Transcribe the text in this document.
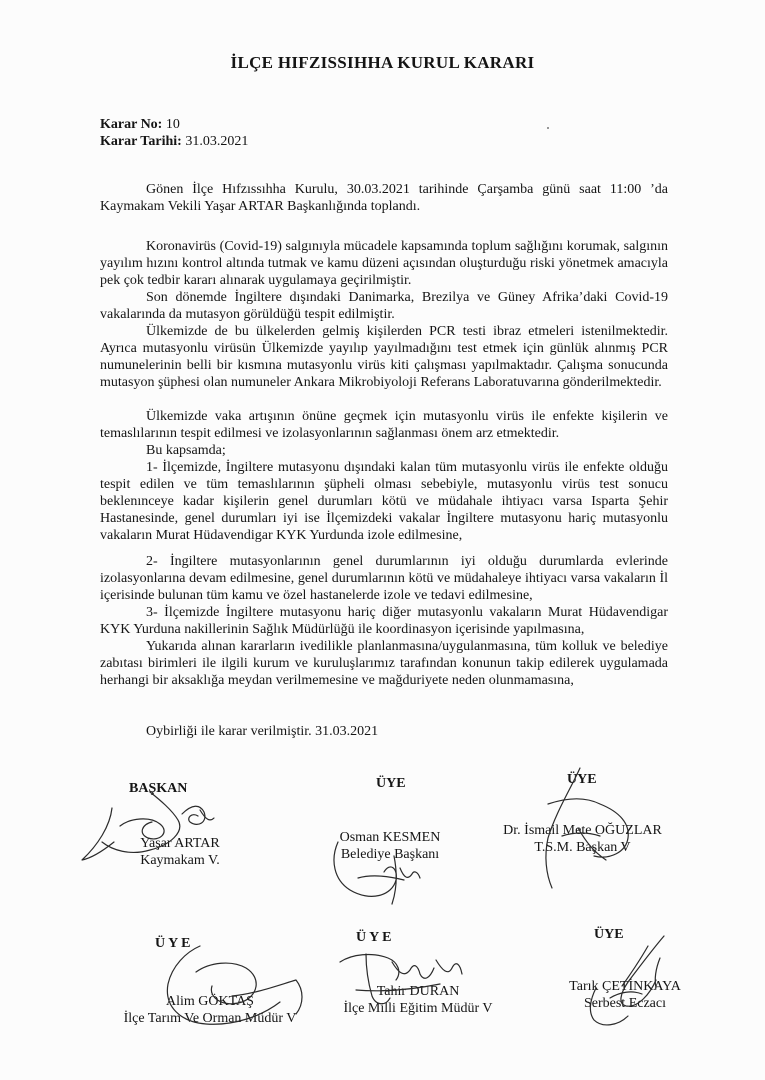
İLÇE HIFZISSIHHA KURUL KARARI
Karar No: 10
Karar Tarihi: 31.03.2021
Gönen İlçe Hıfzıssıhha Kurulu, 30.03.2021 tarihinde Çarşamba günü saat 11:00 ’da Kaymakam Vekili Yaşar ARTAR Başkanlığında toplandı.
Koronavirüs (Covid-19) salgınıyla mücadele kapsamında toplum sağlığını korumak, salgının yayılım hızını kontrol altında tutmak ve kamu düzeni açısından oluşturduğu riski yönetmek amacıyla pek çok tedbir kararı alınarak uygulamaya geçirilmiştir.
Son dönemde İngiltere dışındaki Danimarka, Brezilya ve Güney Afrika’daki Covid-19 vakalarında da mutasyon görüldüğü tespit edilmiştir.
Ülkemizde de bu ülkelerden gelmiş kişilerden PCR testi ibraz etmeleri istenilmektedir. Ayrıca mutasyonlu virüsün Ülkemizde yayılıp yayılmadığını test etmek için günlük alınmış PCR numunelerinin belli bir kısmına mutasyonlu virüs kiti çalışması yapılmaktadır. Çalışma sonucunda mutasyon şüphesi olan numuneler Ankara Mikrobiyoloji Referans Laboratuvarına gönderilmektedir.
Ülkemizde vaka artışının önüne geçmek için mutasyonlu virüs ile enfekte kişilerin ve temaslılarının tespit edilmesi ve izolasyonlarının sağlanması önem arz etmektedir.
Bu kapsamda;
1- İlçemizde, İngiltere mutasyonu dışındaki kalan tüm mutasyonlu virüs ile enfekte olduğu tespit edilen ve tüm temaslılarının şüpheli olması sebebiyle, mutasyonlu virüs test sonucu beklenınceye kadar kişilerin genel durumları kötü ve müdahale ihtiyacı varsa Isparta Şehir Hastanesinde, genel durumları iyi ise İlçemizdeki vakalar İngiltere mutasyonu hariç mutasyonlu vakaların Murat Hüdavendigar KYK Yurdunda izole edilmesine,
2- İngiltere mutasyonlarının genel durumlarının iyi olduğu durumlarda evlerinde izolasyonlarına devam edilmesine, genel durumlarının kötü ve müdahaleye ihtiyacı varsa vakaların İl içerisinde bulunan tüm kamu ve özel hastanelerde izole ve tedavi edilmesine,
3- İlçemizde İngiltere mutasyonu hariç diğer mutasyonlu vakaların Murat Hüdavendigar KYK Yurduna nakillerinin Sağlık Müdürlüğü ile koordinasyon içerisinde yapılmasına,
Yukarıda alınan kararların ivedilikle planlanmasına/uygulanmasına, tüm kolluk ve belediye zabıtası birimleri ile ilgili kurum ve kuruluşlarımız tarafından konunun takip edilerek uygulamada herhangi bir aksaklığa meydan verilmemesine ve mağduriyete neden olunmamasına,
Oybirliği ile karar verilmiştir. 31.03.2021
BAŞKAN
Yaşar ARTAR
Kaymakam V.
ÜYE
Osman KESMEN
Belediye Başkanı
ÜYE
Dr. İsmail Mete OĞUZLAR
T.S.M. Başkan V
Ü Y E
Alim GÖKTAŞ
İlçe Tarım Ve Orman Müdür V
Ü Y E
Tahir DURAN
İlçe Milli Eğitim Müdür V
ÜYE
Tarık ÇETİNKAYA
Serbest Eczacı
